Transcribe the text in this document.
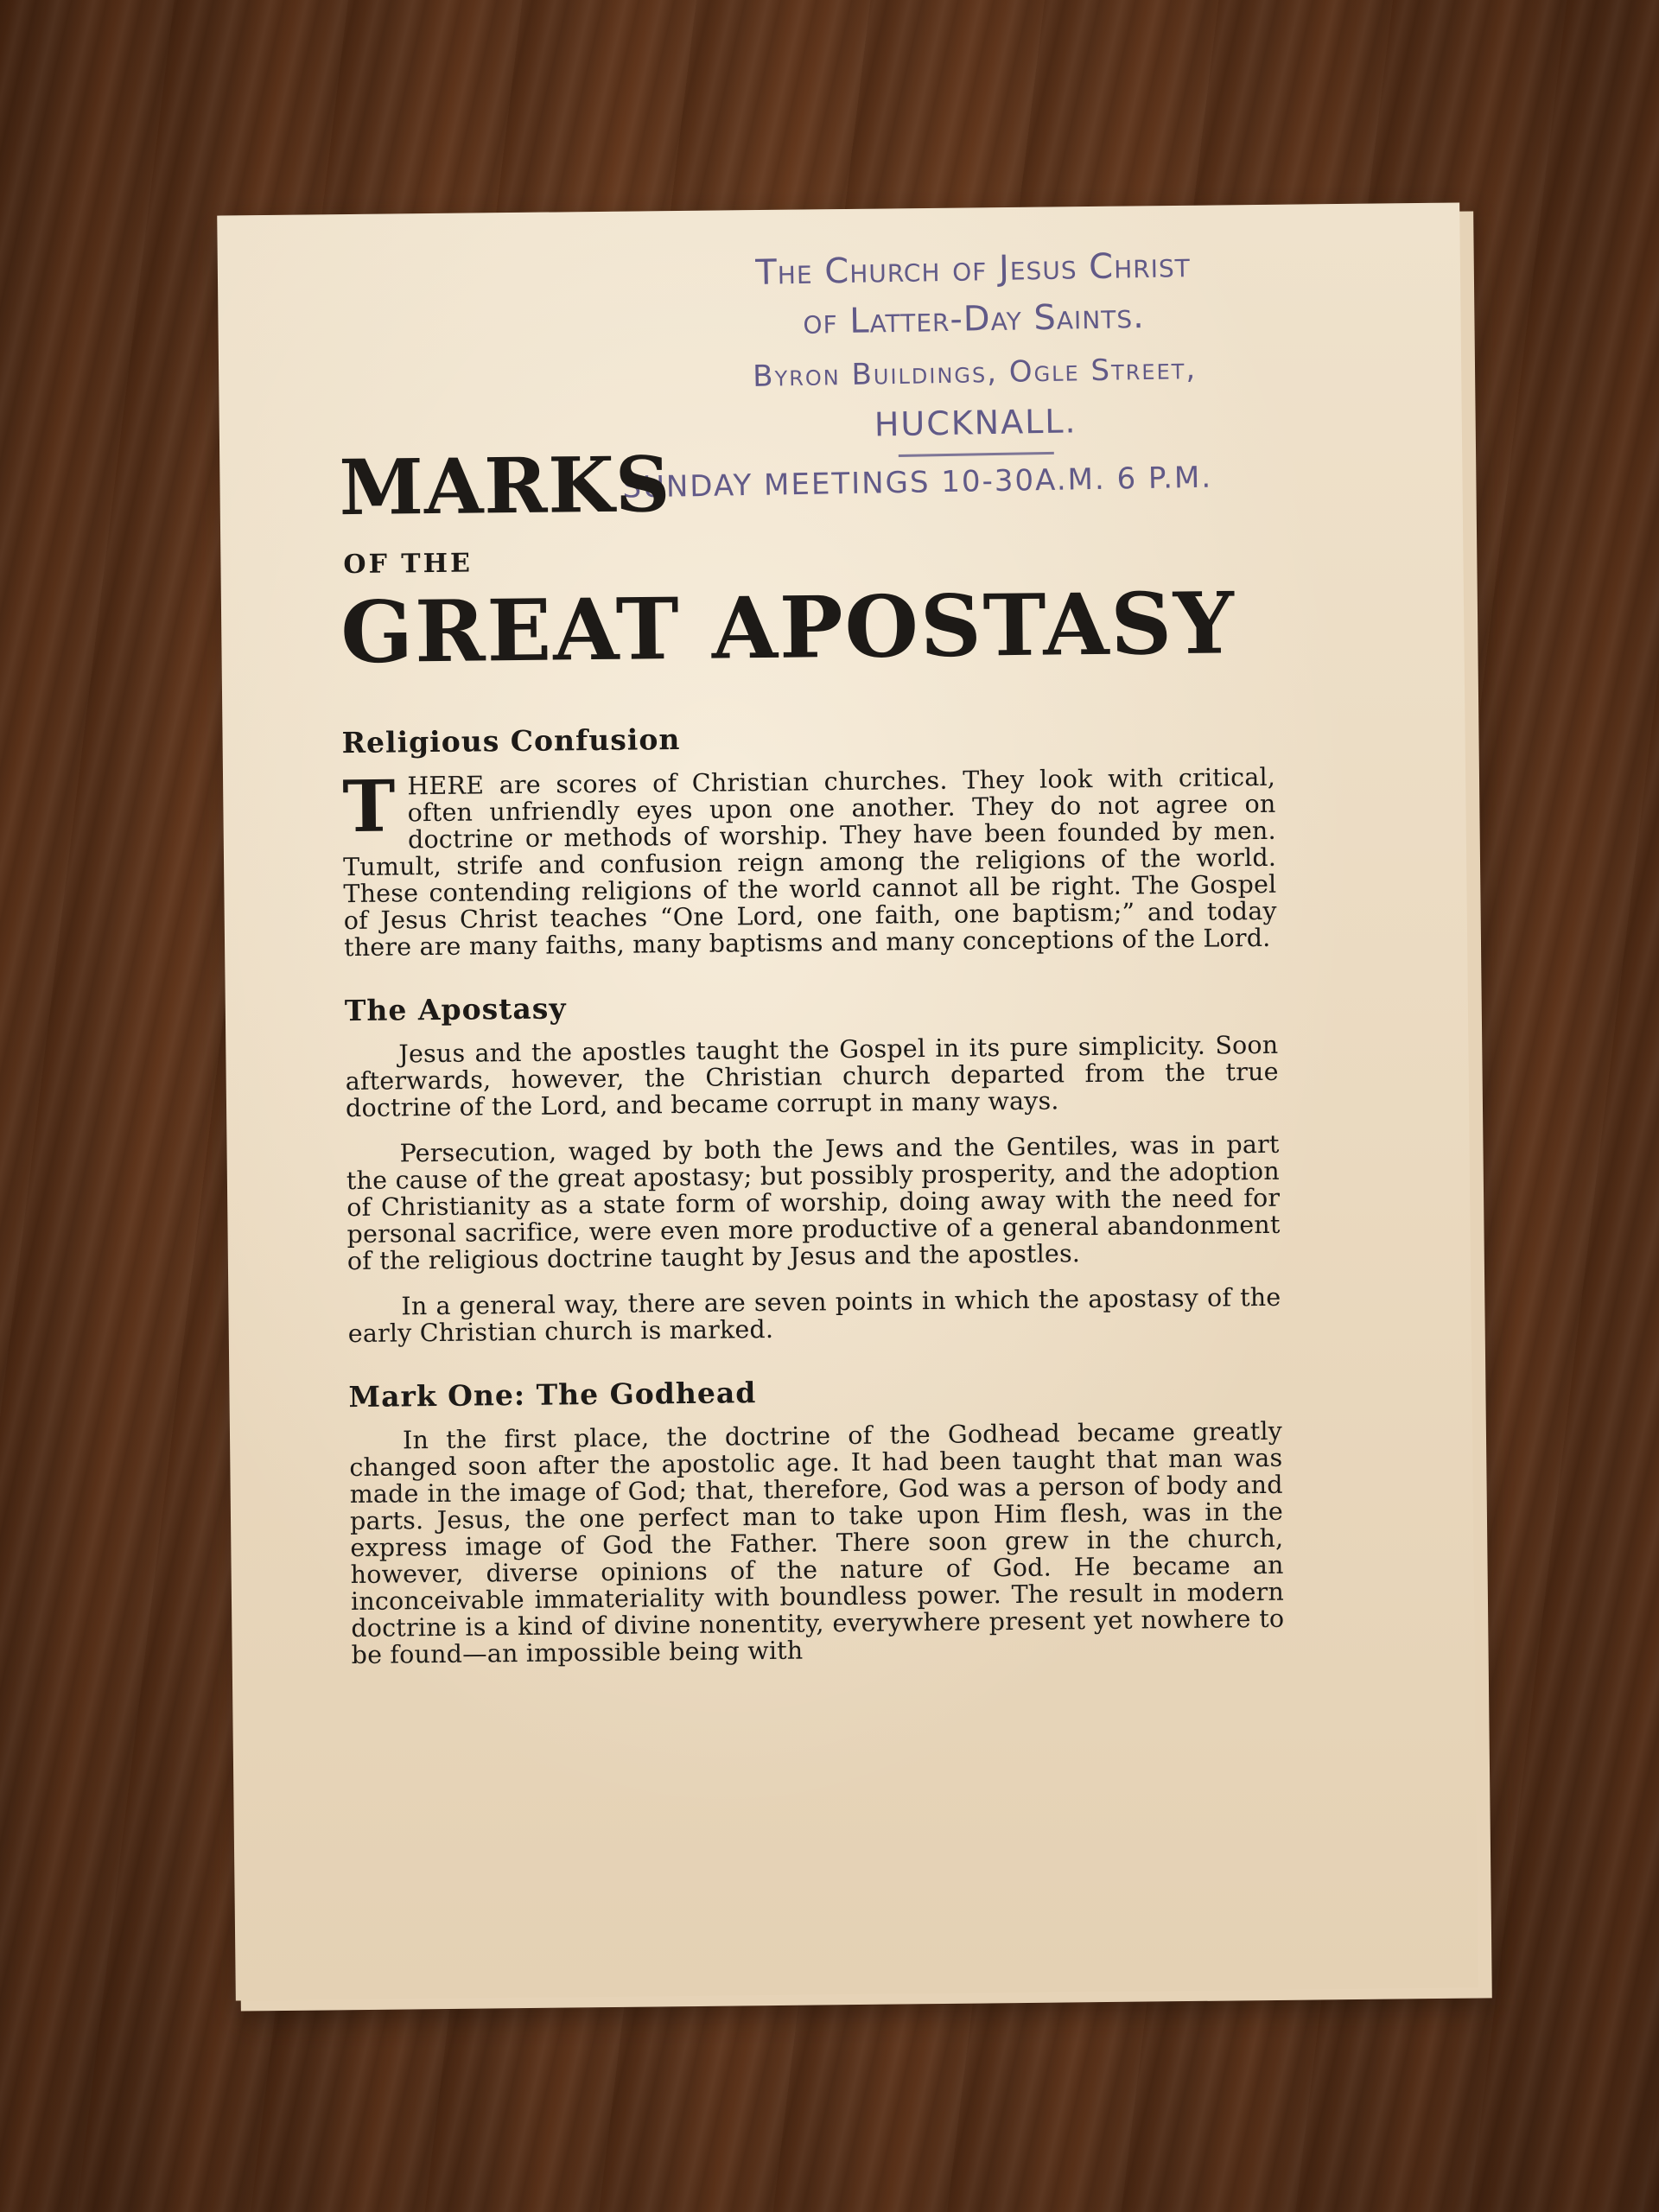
The Church of Jesus Christ
of Latter-Day Saints.
Byron Buildings, Ogle Street,
HUCKNALL.
SUNDAY MEETINGS 10-30A.M. 6 P.M.
MARKS
OF THE
GREAT APOSTASY
Religious Confusion

THERE are scores of Christian churches. They look with critical, often unfriendly eyes upon one another. They do not agree on doctrine or methods of worship. They have been founded by men. Tumult, strife and confusion reign among the religions of the world. These contending religions of the world cannot all be right. The Gospel of Jesus Christ teaches “One Lord, one faith, one baptism;” and today there are many faiths, many baptisms and many conceptions of the Lord.

The Apostasy

Jesus and the apostles taught the Gospel in its pure simplicity. Soon afterwards, however, the Christian church departed from the true doctrine of the Lord, and became corrupt in many ways.

Persecution, waged by both the Jews and the Gentiles, was in part the cause of the great apostasy; but possibly prosperity, and the adoption of Christianity as a state form of worship, doing away with the need for personal sacrifice, were even more productive of a general abandonment of the religious doctrine taught by Jesus and the apostles.

In a general way, there are seven points in which the apostasy of the early Christian church is marked.

Mark One: The Godhead

In the first place, the doctrine of the Godhead became greatly changed soon after the apostolic age. It had been taught that man was made in the image of God; that, therefore, God was a person of body and parts. Jesus, the one perfect man to take upon Him flesh, was in the express image of God the Father. There soon grew in the church, however, diverse opinions of the nature of God. He became an inconceivable immateriality with boundless power. The result in modern doctrine is a kind of divine nonentity, everywhere present yet nowhere to be found—an impossible being with
